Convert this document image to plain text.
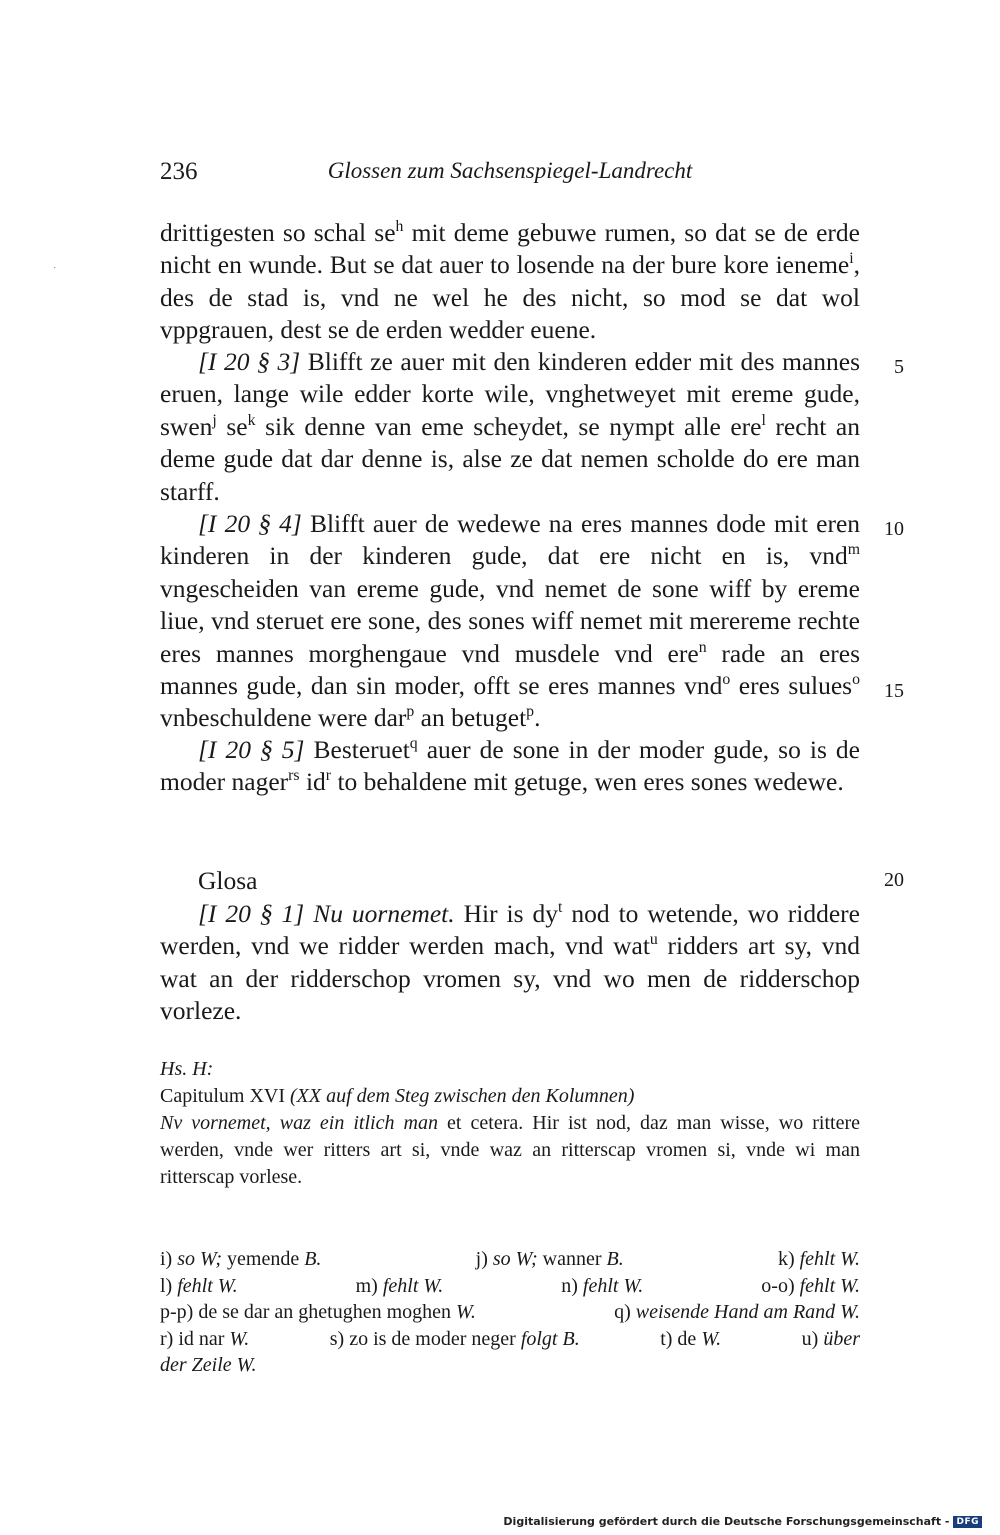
·
236	Glossen zum Sachsenspiegel-Landrecht

drittigesten so schal $se^h$ mit deme gebuwe rumen, so dat se de erde nicht en wunde. But se dat auer to losende na der bure kore ieneme$^i$, des de stad is, vnd ne wel he des nicht, so mod se dat wol vppgrauen, dest se de erden wedder euene.

[I 20 § 3] Blifft ze auer mit den kinderen edder mit des mannes eruen, lange wile edder korte wile, vnghetweyet mit ereme gude, swen$^j$ $se^k$ sik denne van eme scheydet, se nympt alle ere$^l$ recht an deme gude dat dar denne is, alse ze dat nemen scholde do ere man starff.

[I 20 § 4] Blifft auer de wedewe na eres mannes dode mit eren kinderen in der kinderen gude, dat ere nicht en is, vnd$^m$ vngescheiden van ereme gude, vnd nemet de sone wiff by ereme liue, vnd steruet ere sone, des sones wiff nemet mit merereme rechte eres mannes morghengaue vnd musdele vnd ere$^n$ rade an eres mannes gude, dan sin moder, offt se eres mannes vnd$^o$ eres sulues$^o$ vnbeschuldene were dar$^p$ an betuget$^p$.

[I 20 § 5] Besteruet$^q$ auer de sone in der moder gude, so is de moder nager$^{rs}$ $id^r$ to behaldene mit getuge, wen eres sones wedewe.

Glosa

[I 20 § 1] Nu uornemet. Hir is $dy^t$ nod to wetende, wo riddere werden, vnd we ridder werden mach, vnd wat$^u$ ridders art sy, vnd wat an der ridderschop vromen sy, vnd wo men de ridderschop vorleze.

5
10
15
20

Hs. H:

Capitulum XVI (XX auf dem Steg zwischen den Kolumnen)

Nv vornemet, waz ein itlich man et cetera. Hir ist nod, daz man wisse, wo rittere werden, vnde wer ritters art si, vnde waz an ritterscap vromen si, vnde wi man ritterscap vorlese.

i) so W; yemende B.	j) so W; wanner B.	k) fehlt W.
l) fehlt W.	m) fehlt W.	n) fehlt W.	o-o) fehlt W.
p-p) de se dar an ghetughen moghen W.	q) weisende Hand am Rand W.
r) id nar W.	s) zo is de moder neger folgt B.	t) de W.	u) über
der Zeile W.
Digitalisierung gefördert durch die Deutsche Forschungsgemeinschaft - DFG
